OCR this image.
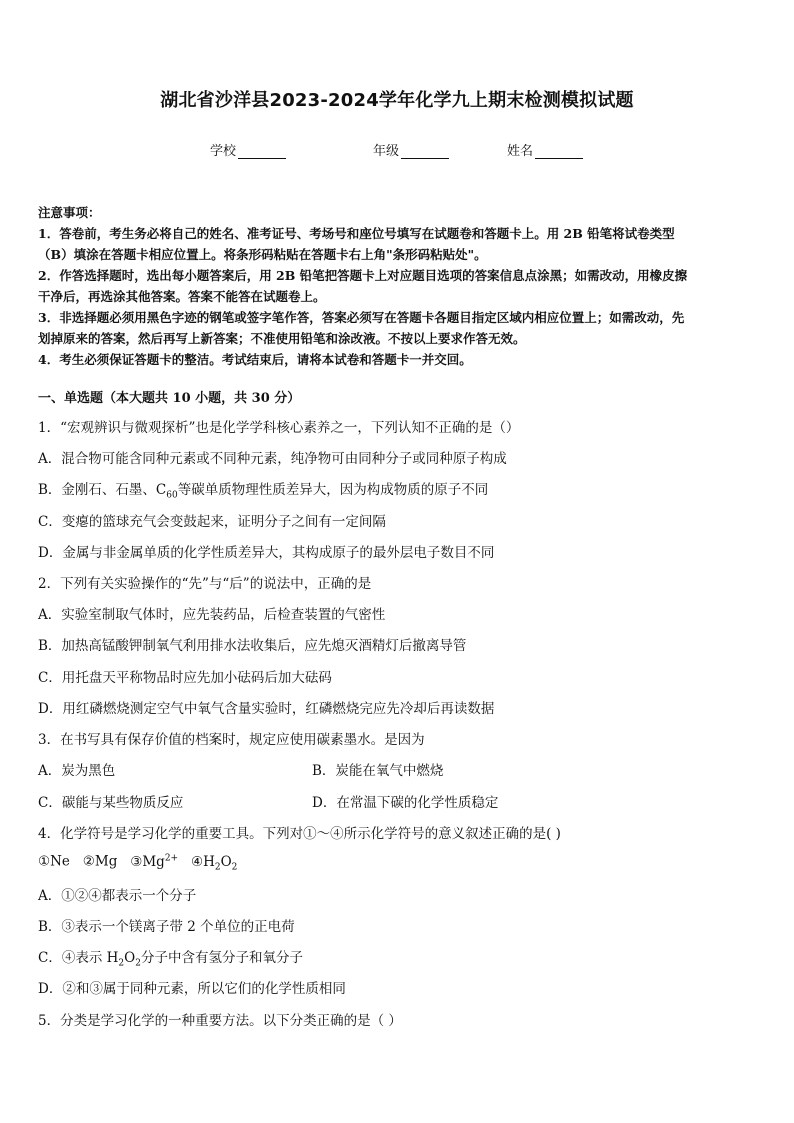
湖北省沙洋县2023-2024学年化学九上期末检测模拟试题
学校	年级	姓名

注意事项：

1．答卷前，考生务必将自己的姓名、准考证号、考场号和座位号填写在试题卷和答题卡上。用 2B 铅笔将试卷类型

（B）填涂在答题卡相应位置上。将条形码粘贴在答题卡右上角"条形码粘贴处"。

2．作答选择题时，选出每小题答案后，用 2B 铅笔把答题卡上对应题目选项的答案信息点涂黑；如需改动，用橡皮擦

干净后，再选涂其他答案。答案不能答在试题卷上。

3．非选择题必须用黑色字迹的钢笔或签字笔作答，答案必须写在答题卡各题目指定区域内相应位置上；如需改动，先

划掉原来的答案，然后再写上新答案；不准使用铅笔和涂改液。不按以上要求作答无效。

4．考生必须保证答题卡的整洁。考试结束后，请将本试卷和答题卡一并交回。

一、单选题（本大题共 10 小题，共 30 分）
1．“宏观辨识与微观探析”也是化学学科核心素养之一，下列认知不正确的是（）
A．混合物可能含同种元素或不同种元素，纯净物可由同种分子或同种原子构成
B．金刚石、石墨、$C_{60}$等碳单质物理性质差异大，因为构成物质的原子不同
C．变瘪的篮球充气会变鼓起来，证明分子之间有一定间隔
D．金属与非金属单质的化学性质差异大，其构成原子的最外层电子数目不同
2．下列有关实验操作的“先”与“后”的说法中，正确的是
A．实验室制取气体时，应先装药品，后检查装置的气密性
B．加热高锰酸钾制氧气利用排水法收集后，应先熄灭酒精灯后撤离导管
C．用托盘天平称物品时应先加小砝码后加大砝码
D．用红磷燃烧测定空气中氧气含量实验时，红磷燃烧完应先冷却后再读数据
3．在书写具有保存价值的档案时，规定应使用碳素墨水。是因为
A．炭为黑色	B．炭能在氧气中燃烧
C．碳能与某些物质反应	D．在常温下碳的化学性质稳定
4．化学符号是学习化学的重要工具。下列对①～④所示化学符号的意义叙述正确的是( )
①Ne ②Mg $③Mg^{2+}$ $④H_2O_2$
A．①②④都表示一个分子
B．③表示一个镁离子带 2 个单位的正电荷
C．④表示 $H_2O_2$分子中含有氢分子和氧分子
D．②和③属于同种元素，所以它们的化学性质相同
5．分类是学习化学的一种重要方法。以下分类正确的是（ ）
